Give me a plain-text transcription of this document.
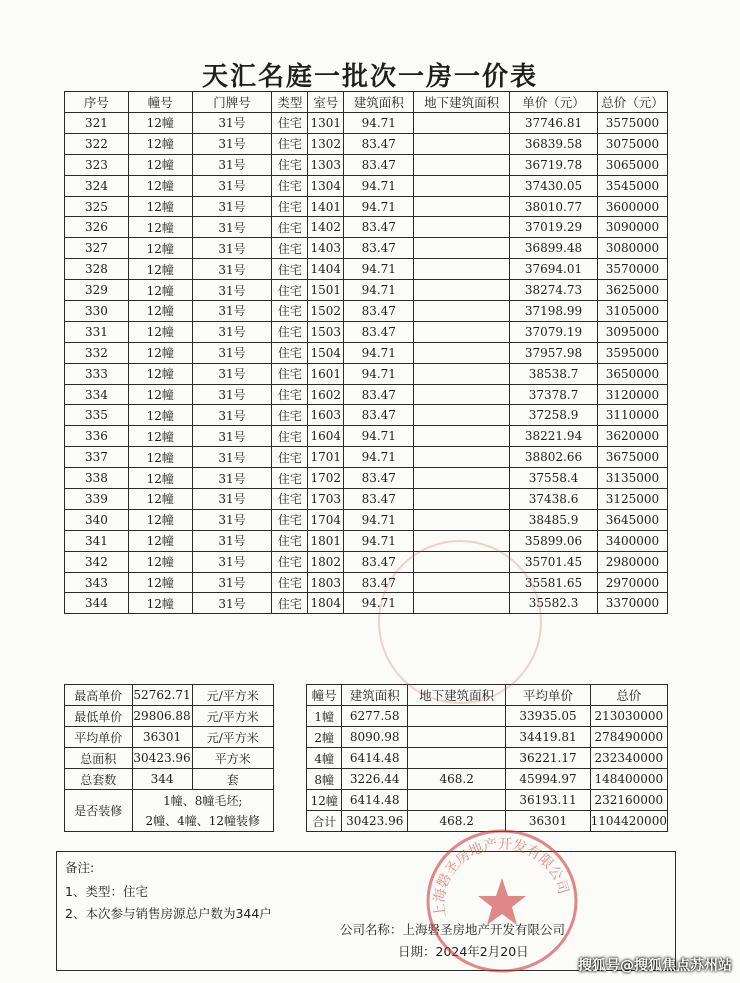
天汇名庭一批次一房一价表
序号	幢号	门牌号	类型	室号	建筑面积	地下建筑面积	单价（元）	总价（元）
321	12幢	31号	住宅	1301	94.71		37746.81	3575000
322	12幢	31号	住宅	1302	83.47		36839.58	3075000
323	12幢	31号	住宅	1303	83.47		36719.78	3065000
324	12幢	31号	住宅	1304	94.71		37430.05	3545000
325	12幢	31号	住宅	1401	94.71		38010.77	3600000
326	12幢	31号	住宅	1402	83.47		37019.29	3090000
327	12幢	31号	住宅	1403	83.47		36899.48	3080000
328	12幢	31号	住宅	1404	94.71		37694.01	3570000
329	12幢	31号	住宅	1501	94.71		38274.73	3625000
330	12幢	31号	住宅	1502	83.47		37198.99	3105000
331	12幢	31号	住宅	1503	83.47		37079.19	3095000
332	12幢	31号	住宅	1504	94.71		37957.98	3595000
333	12幢	31号	住宅	1601	94.71		38538.7	3650000
334	12幢	31号	住宅	1602	83.47		37378.7	3120000
335	12幢	31号	住宅	1603	83.47		37258.9	3110000
336	12幢	31号	住宅	1604	94.71		38221.94	3620000
337	12幢	31号	住宅	1701	94.71		38802.66	3675000
338	12幢	31号	住宅	1702	83.47		37558.4	3135000
339	12幢	31号	住宅	1703	83.47		37438.6	3125000
340	12幢	31号	住宅	1704	94.71		38485.9	3645000
341	12幢	31号	住宅	1801	94.71		35899.06	3400000
342	12幢	31号	住宅	1802	83.47		35701.45	2980000
343	12幢	31号	住宅	1803	83.47		35581.65	2970000
344	12幢	31号	住宅	1804	94.71		35582.3	3370000
最高单价	52762.71	元/平方米
最低单价	29806.88	元/平方米
平均单价	36301	元/平方米
总面积	30423.96	平方米
总套数	344	套
是否装修	1幢、8幢毛坯;
2幢、4幢、12幢装修	
幢号	建筑面积	地下建筑面积	平均单价	总价
1幢	6277.58		33935.05	213030000
2幢	8090.98		34419.81	278490000
4幢	6414.48		36221.17	232340000
8幢	3226.44	468.2	45994.97	148400000
12幢	6414.48		36193.11	232160000
合计	30423.96	468.2	36301	1104420000
备注:
1、类型：住宅
2、本次参与销售房源总户数为344户
公司名称：上海磐圣房地产开发有限公司
日期：2024年2月20日
上海磐圣房地产开发有限公司
搜狐号@搜狐焦点苏州站
